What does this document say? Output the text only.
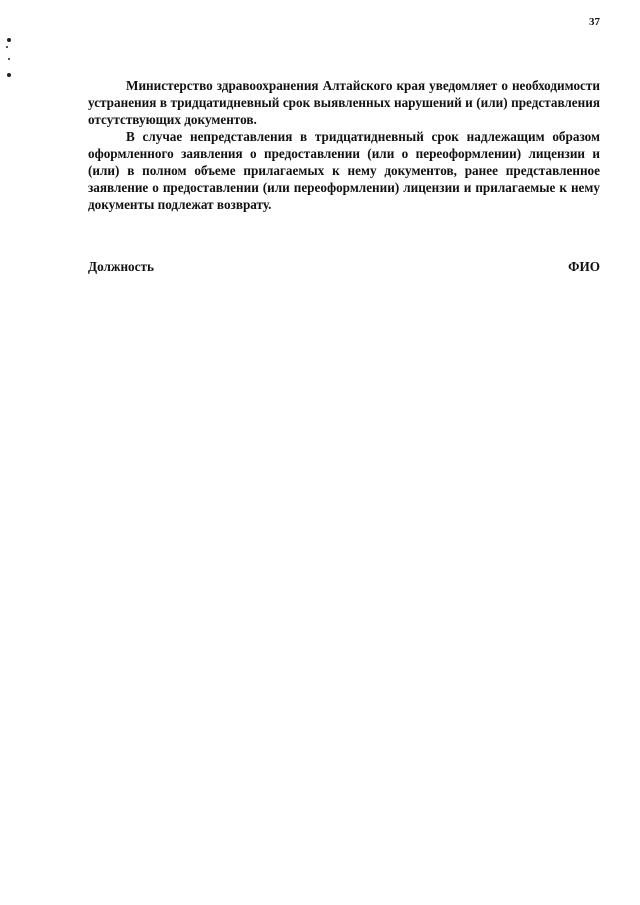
37

Министерство здравоохранения Алтайского края уведомляет о необходимости устранения в тридцатидневный срок выявленных нарушений и (или) представления отсутствующих документов.

В случае непредставления в тридцатидневный срок надлежащим образом оформленного заявления о предоставлении (или о переоформлении) лицензии и (или) в полном объеме прилагаемых к нему документов, ранее представленное заявление о предоставлении (или переоформлении) лицензии и прилагаемые к нему документы подлежат возврату.

Должность	ФИО
